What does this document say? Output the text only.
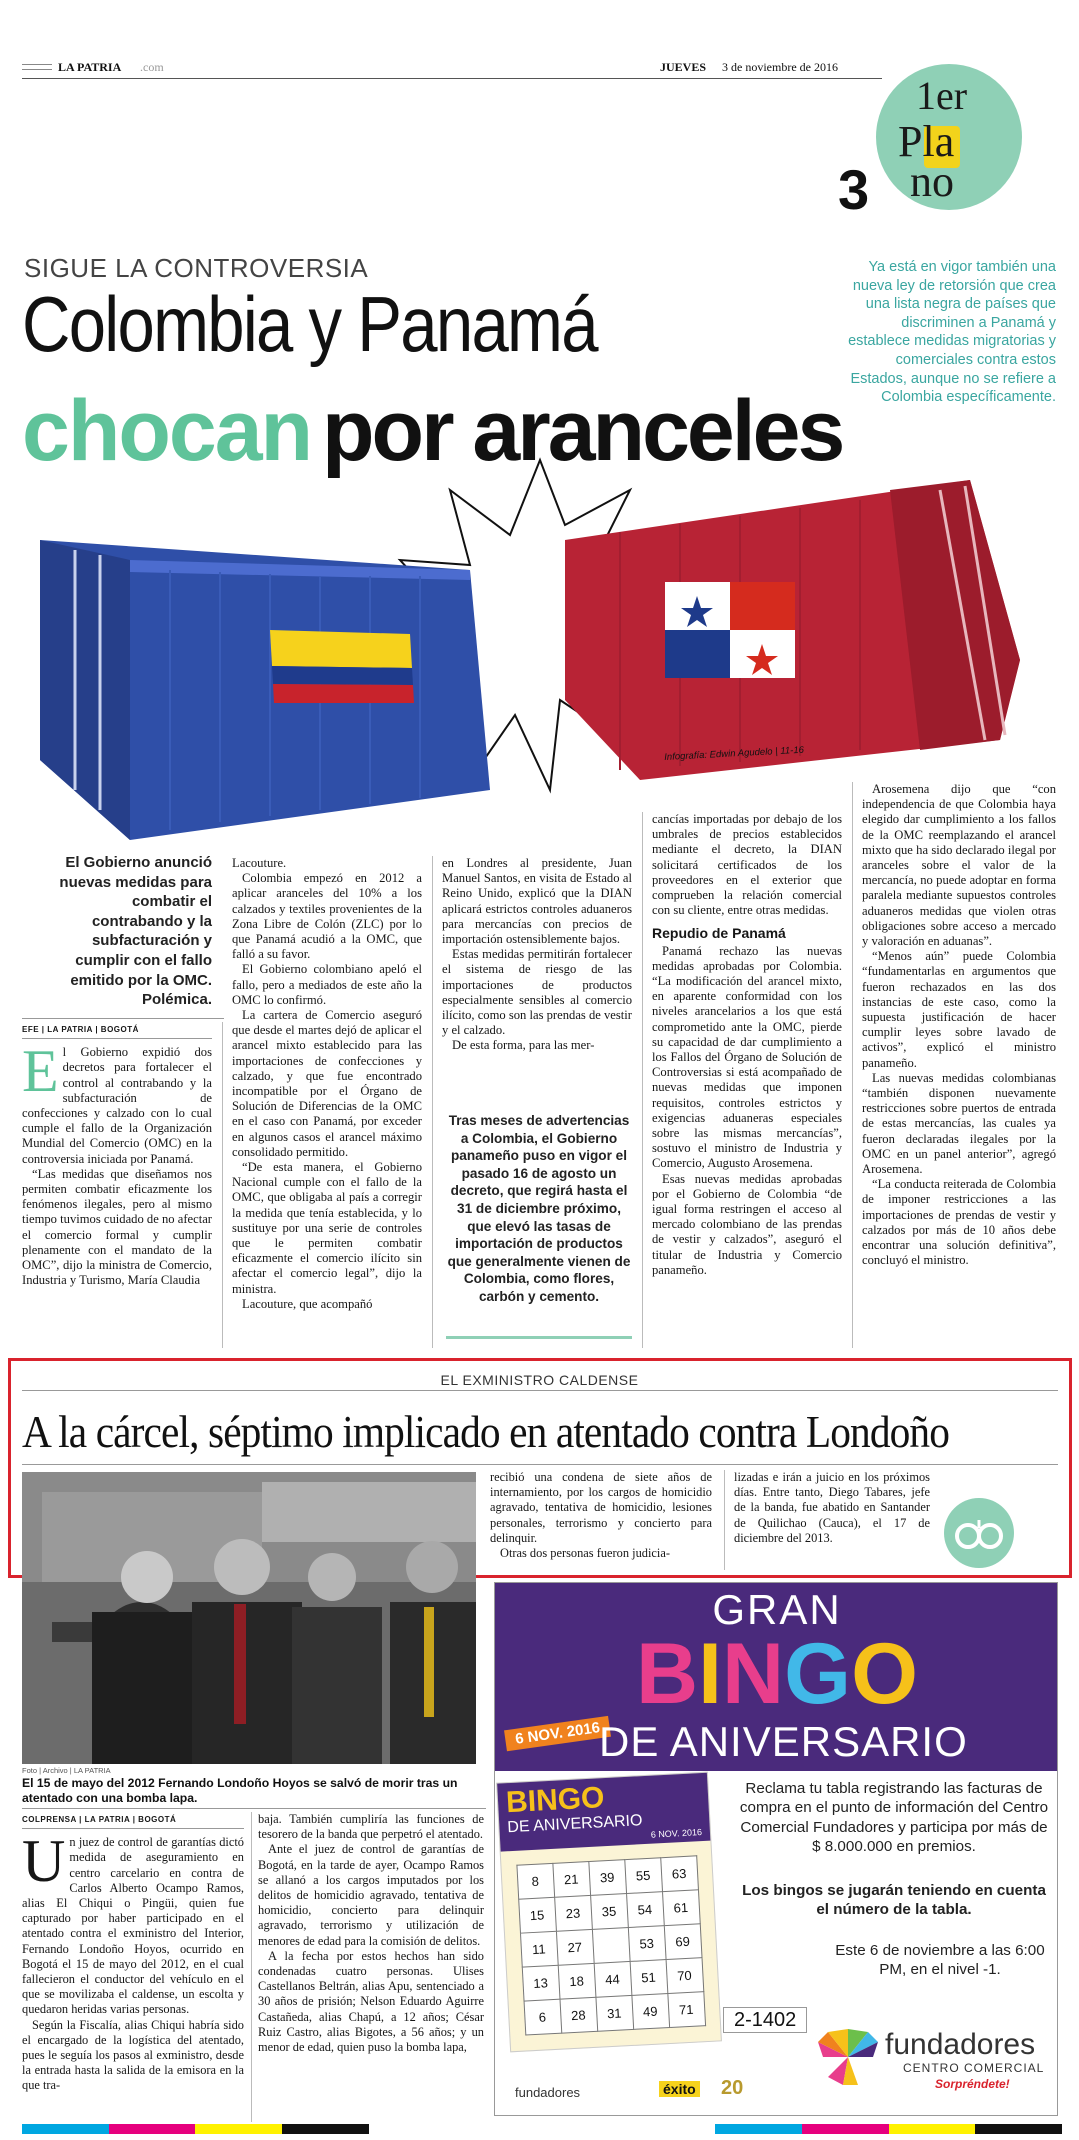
LA PATRIA .com	JUEVES 3 de noviembre de 2016
3
1er
Pla
no
SIGUE LA CONTROVERSIA
Colombia y Panamá
chocan por aranceles
Ya está en vigor también una nueva ley de retorsión que crea una lista negra de países que discriminen a Panamá y establece medidas migratorias y comerciales contra estos Estados, aunque no se refiere a Colombia específicamente.
Infografía: Edwin Agudelo | 11-16
El Gobierno anunció nuevas medidas para combatir el contrabando y la subfacturación y cumplir con el fallo emitido por la OMC. Polémica.

EFE | LA PATRIA | BOGOTÁ

El Gobierno expidió dos decretos para fortalecer el control al contrabando y la subfacturación de confecciones y calzado con lo cual cumple el fallo de la Organización Mundial del Comercio (OMC) en la controversia iniciada por Panamá.

“Las medidas que diseñamos nos permiten combatir eficazmente los fenómenos ilegales, pero al mismo tiempo tuvimos cuidado de no afectar el comercio formal y cumplir plenamente con el mandato de la OMC”, dijo la ministra de Comercio, Industria y Turismo, María Claudia

Lacouture.

Colombia empezó en 2012 a aplicar aranceles del 10% a los calzados y textiles provenientes de la Zona Libre de Colón (ZLC) por lo que Panamá acudió a la OMC, que falló a su favor.

El Gobierno colombiano apeló el fallo, pero a mediados de este año la OMC lo confirmó.

La cartera de Comercio aseguró que desde el martes dejó de aplicar el arancel mixto establecido para las importaciones de confecciones y calzado, y que fue encontrado incompatible por el Órgano de Solución de Diferencias de la OMC en el caso con Panamá, por exceder en algunos casos el arancel máximo consolidado permitido.

“De esta manera, el Gobierno Nacional cumple con el fallo de la OMC, que obligaba al país a corregir la medida que tenía establecida, y lo sustituye por una serie de controles que le permiten combatir eficazmente el comercio ilícito sin afectar el comercio legal”, dijo la ministra.

Lacouture, que acompañó

en Londres al presidente, Juan Manuel Santos, en visita de Estado al Reino Unido, explicó que la DIAN aplicará estrictos controles aduaneros para mercancías con precios de importación ostensiblemente bajos.

Estas medidas permitirán fortalecer el sistema de riesgo de las importaciones de productos especialmente sensibles al comercio ilícito, como son las prendas de vestir y el calzado.

De esta forma, para las mer-

Tras meses de advertencias a Colombia, el Gobierno panameño puso en vigor el pasado 16 de agosto un decreto, que regirá hasta el 31 de diciembre próximo, que elevó las tasas de importación de productos que generalmente vienen de Colombia, como flores, carbón y cemento.

cancías importadas por debajo de los umbrales de precios establecidos mediante el decreto, la DIAN solicitará certificados de los proveedores en el exterior que comprueben la relación comercial con su cliente, entre otras medidas.

Repudio de Panamá

Panamá rechazo las nuevas medidas aprobadas por Colombia. “La modificación del arancel mixto, en aparente conformidad con los niveles arancelarios a los que está comprometido ante la OMC, pierde su capacidad de dar cumplimiento a los Fallos del Órgano de Solución de Controversias si está acompañado de nuevas medidas que imponen requisitos, controles estrictos y exigencias aduaneras especiales sobre las mismas mercancías”, sostuvo el ministro de Industria y Comercio, Augusto Arosemena.

Esas nuevas medidas aprobadas por el Gobierno de Colombia “de igual forma restringen el acceso al mercado colombiano de las prendas de vestir y calzados”, aseguró el titular de Industria y Comercio panameño.

Arosemena dijo que “con independencia de que Colombia haya elegido dar cumplimiento a los fallos de la OMC reemplazando el arancel mixto que ha sido declarado ilegal por aranceles sobre el valor de la mercancía, no puede adoptar en forma paralela mediante supuestos controles aduaneros medidas que violen otras obligaciones sobre acceso a mercado y valoración en aduanas”.

“Menos aún” puede Colombia “fundamentarlas en argumentos que fueron rechazados en las dos instancias de este caso, como la supuesta justificación de hacer cumplir leyes sobre lavado de activos”, explicó el ministro panameño.

Las nuevas medidas colombianas “también disponen nuevamente restricciones sobre puertos de entrada de estas mercancías, las cuales ya fueron declaradas ilegales por la OMC en un panel anterior”, agregó Arosemena.

“La conducta reiterada de Colombia de imponer restricciones a las importaciones de prendas de vestir y calzados por más de 10 años debe encontrar una solución definitiva”, concluyó el ministro.

EL EXMINISTRO CALDENSE
A la cárcel, séptimo implicado en atentado contra Londoño
Foto | Archivo | LA PATRIA
El 15 de mayo del 2012 Fernando Londoño Hoyos se salvó de morir tras un atentado con una bomba lapa.

COLPRENSA | LA PATRIA | BOGOTÁ

Un juez de control de garantías dictó medida de aseguramiento en centro carcelario en contra de Carlos Alberto Ocampo Ramos, alias El Chiqui o Pingüi, quien fue capturado por haber participado en el atentado contra el exministro del Interior, Fernando Londoño Hoyos, ocurrido en Bogotá el 15 de mayo del 2012, en el cual fallecieron el conductor del vehículo en el que se movilizaba el caldense, un escolta y quedaron heridas varias personas.

Según la Fiscalía, alias Chiqui habría sido el encargado de la logística del atentado, pues le seguía los pasos al exministro, desde la entrada hasta la salida de la emisora en la que tra-

baja. También cumpliría las funciones de tesorero de la banda que perpetró el atentado.

Ante el juez de control de garantías de Bogotá, en la tarde de ayer, Ocampo Ramos se allanó a los cargos imputados por los delitos de homicidio agravado, tentativa de homicidio, concierto para delinquir agravado, terrorismo y utilización de menores de edad para la comisión de delitos.

A la fecha por estos hechos han sido condenadas cuatro personas. Ulises Castellanos Beltrán, alias Apu, sentenciado a 30 años de prisión; Nelson Eduardo Aguirre Castañeda, alias Chapú, a 12 años; César Ruiz Castro, alias Bigotes, a 56 años; y un menor de edad, quien puso la bomba lapa,

recibió una condena de siete años de internamiento, por los cargos de homicidio agravado, tentativa de homicidio, lesiones personales, terrorismo y concierto para delinquir.

Otras dos personas fueron judicia-

lizadas e irán a juicio en los próximos días. Entre tanto, Diego Tabares, jefe de la banda, fue abatido en Santander de Quilichao (Cauca), el 17 de diciembre del 2013.

GRAN
BINGO
6 NOV. 2016
DE ANIVERSARIO
BINGO
DE ANIVERSARIO 6 NOV. 2016
8	21	39	55	63
15	23	35	54	61
11	27		53	69
13	18	44	51	70
6	28	31	49	71	2-1402
Reclama tu tabla registrando las facturas de compra en el punto de información del Centro Comercial Fundadores y participa por más de $ 8.000.000 en premios.
Los bingos se jugarán teniendo en cuenta el número de la tabla.
Este 6 de noviembre a las 6:00 PM, en el nivel -1.
fundadores
CENTRO COMERCIAL
Sorpréndete!
fundadores	éxito 20
